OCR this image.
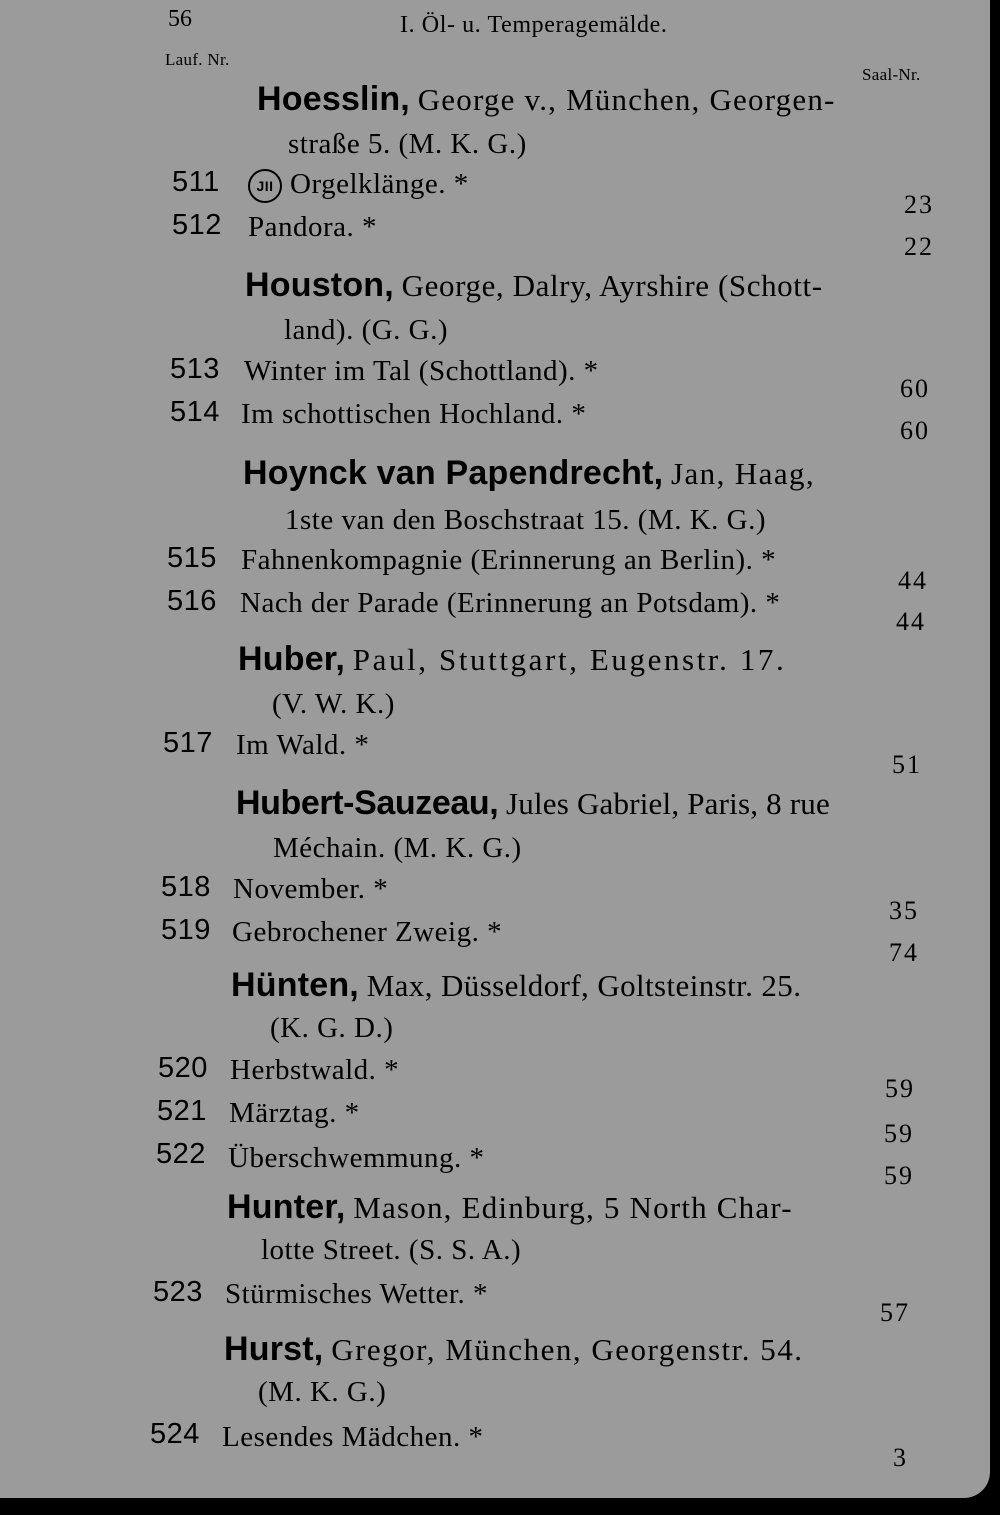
56	I. Öl- u. Temperagemälde.
Lauf. Nr.
Saal-Nr.
Hoesslin, George v., München, Georgen-
straße 5. (M. K. G.)
511	JII Orgelklänge. *
23
512 Pandora. *
22
Houston, George, Dalry, Ayrshire (Schott-
land). (G. G.)
513 Winter im Tal (Schottland). *
60
514 Im schottischen Hochland. *
60
Hoynck van Papendrecht, Jan, Haag,
1ste van den Boschstraat 15. (M. K. G.)
515 Fahnenkompagnie (Erinnerung an Berlin). *
44
516 Nach der Parade (Erinnerung an Potsdam). *
44
Huber, Paul, Stuttgart, Eugenstr. 17.
(V. W. K.)
517 Im Wald. *
51
Hubert-Sauzeau, Jules Gabriel, Paris, 8 rue
Méchain. (M. K. G.)
518 November. *
35
519 Gebrochener Zweig. *
74
Hünten, Max, Düsseldorf, Goltsteinstr. 25.
(K. G. D.)
520 Herbstwald. *
59
521 Märztag. *
59
522 Überschwemmung. *
59
Hunter, Mason, Edinburg, 5 North Char-
lotte Street. (S. S. A.)
523 Stürmisches Wetter. *
57
Hurst, Gregor, München, Georgenstr. 54.
(M. K. G.)
524 Lesendes Mädchen. *
3
